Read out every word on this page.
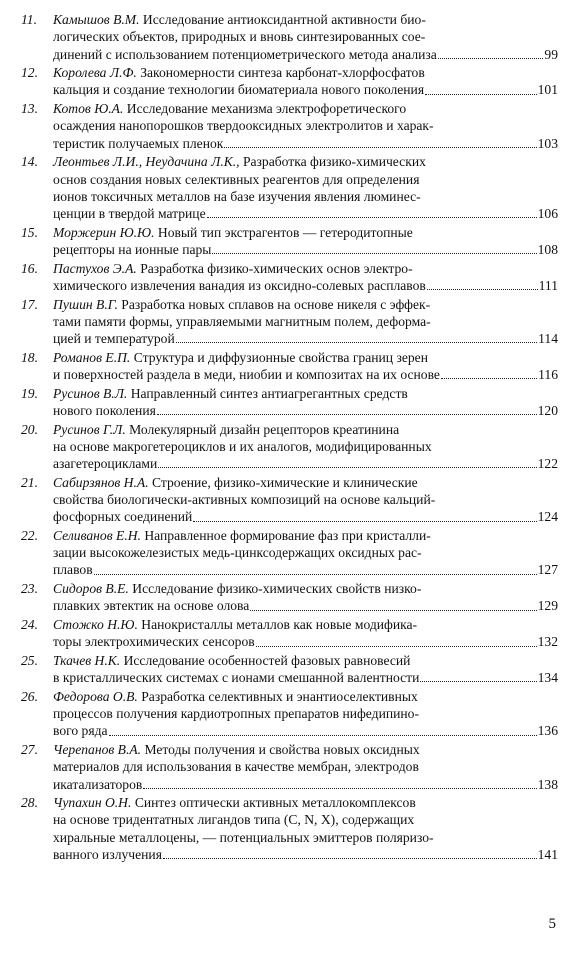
11.	Камышов В.М. Исследование антиоксидантной активности био-
логических объектов, природных и вновь синтезированных сое-
динений с использованием потенциометрического метода анализа	99
12.	Королева Л.Ф. Закономерности синтеза карбонат-хлорфосфатов
кальция и создание технологии биоматериала нового поколения	101
13.	Котов Ю.А. Исследование механизма электрофоретического
осаждения нанопорошков твердооксидных электролитов и харак-
теристик получаемых пленок	103
14.	Леонтьев Л.И., Неудачина Л.К., Разработка физико-химических
основ создания новых селективных реагентов для определения
ионов токсичных металлов на базе изучения явления люминес-
ценции в твердой матрице	106
15.	Моржерин Ю.Ю. Новый тип экстрагентов — гетеродитопные
рецепторы на ионные пары	108
16.	Пастухов Э.А. Разработка физико-химических основ электро-
химического извлечения ванадия из оксидно-солевых расплавов	111
17.	Пушин В.Г. Разработка новых сплавов на основе никеля с эффек-
тами памяти формы, управляемыми магнитным полем, деформа-
цией и температурой	114
18.	Романов Е.П. Структура и диффузионные свойства границ зерен
и поверхностей раздела в меди, ниобии и композитах на их основе	116
19.	Русинов В.Л. Направленный синтез антиагрегантных средств
нового поколения	120
20.	Русинов Г.Л. Молекулярный дизайн рецепторов креатинина
на основе макрогетероциклов и их аналогов, модифицированных
азагетероциклами	122
21.	Сабирзянов Н.А. Строение, физико-химические и клинические
свойства биологически-активных композиций на основе кальций-
фосфорных соединений	124
22.	Селиванов Е.Н. Направленное формирование фаз при кристалли-
зации высокожелезистых медь-цинксодержащих оксидных рас-
плавов	127
23.	Сидоров В.Е. Исследование физико-химических свойств низко-
плавких эвтектик на основе олова	129
24.	Стожко Н.Ю. Нанокристаллы металлов как новые модифика-
торы электрохимических сенсоров	132
25.	Ткачев Н.К. Исследование особенностей фазовых равновесий
в кристаллических системах с ионами смешанной валентности	134
26.	Федорова О.В. Разработка селективных и энантиоселективных
процессов получения кардиотропных препаратов нифедипино-
вого ряда	136
27.	Черепанов В.А. Методы получения и свойства новых оксидных
материалов для использования в качестве мембран, электродов
икатализаторов	138
28.	Чупахин О.Н. Синтез оптически активных металлокомплексов
на основе тридентатных лигандов типа (C, N, X), содержащих
хиральные металлоцены, — потенциальных эмиттеров поляризо-
ванного излучения	141
5
